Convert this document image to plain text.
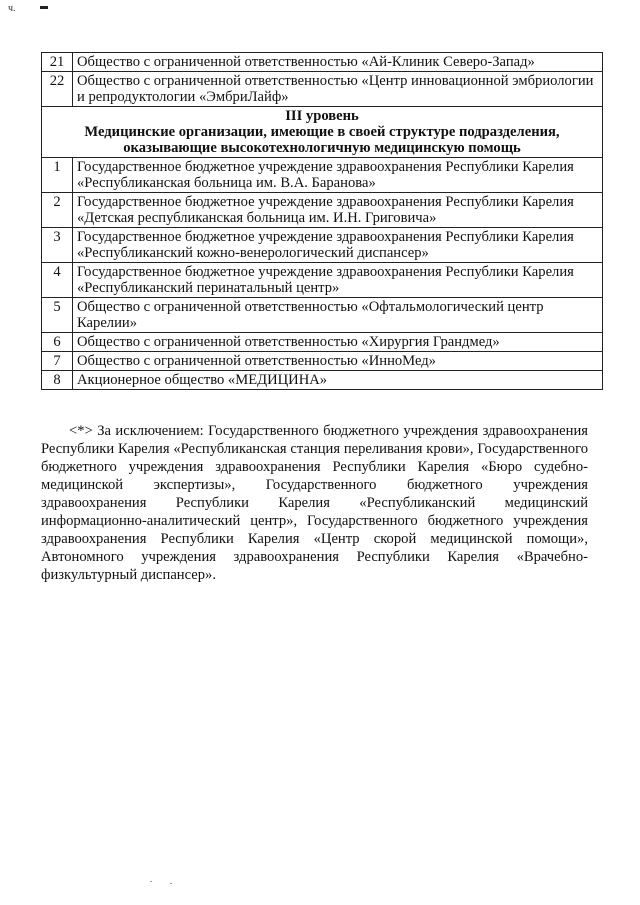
ч.
21	Общество с ограниченной ответственностью «Ай-Клиник Северо-Запад»
22	Общество с ограниченной ответственностью «Центр инновационной эмбриологии и репродуктологии «ЭмбриЛайф»

III уровень
Медицинские организации, имеющие в своей структуре подразделения, оказывающие высокотехнологичную медицинскую помощь	

1	Государственное бюджетное учреждение здравоохранения Республики Карелия «Республиканская больница им. В.А. Баранова»
2	Государственное бюджетное учреждение здравоохранения Республики Карелия «Детская республиканская больница им. И.Н. Григовича»
3	Государственное бюджетное учреждение здравоохранения Республики Карелия «Республиканский кожно-венерологический диспансер»
4	Государственное бюджетное учреждение здравоохранения Республики Карелия «Республиканский перинатальный центр»
5	Общество с ограниченной ответственностью «Офтальмологический центр Карелии»
6	Общество с ограниченной ответственностью «Хирургия Грандмед»
7	Общество с ограниченной ответственностью «ИнноМед»
8	Акционерное общество «МЕДИЦИНА»
<*> За исключением: Государственного бюджетного учреждения здравоохранения Республики Карелия «Республиканская станция переливания крови», Государственного бюджетного учреждения здравоохранения Республики Карелия «Бюро судебно-медицинской экспертизы», Государственного бюджетного учреждения здравоохранения Республики Карелия «Республиканский медицинский информационно-аналитический центр», Государственного бюджетного учреждения здравоохранения Республики Карелия «Центр скорой медицинской помощи», Автономного учреждения здравоохранения Республики Карелия «Врачебно-физкультурный диспансер».
